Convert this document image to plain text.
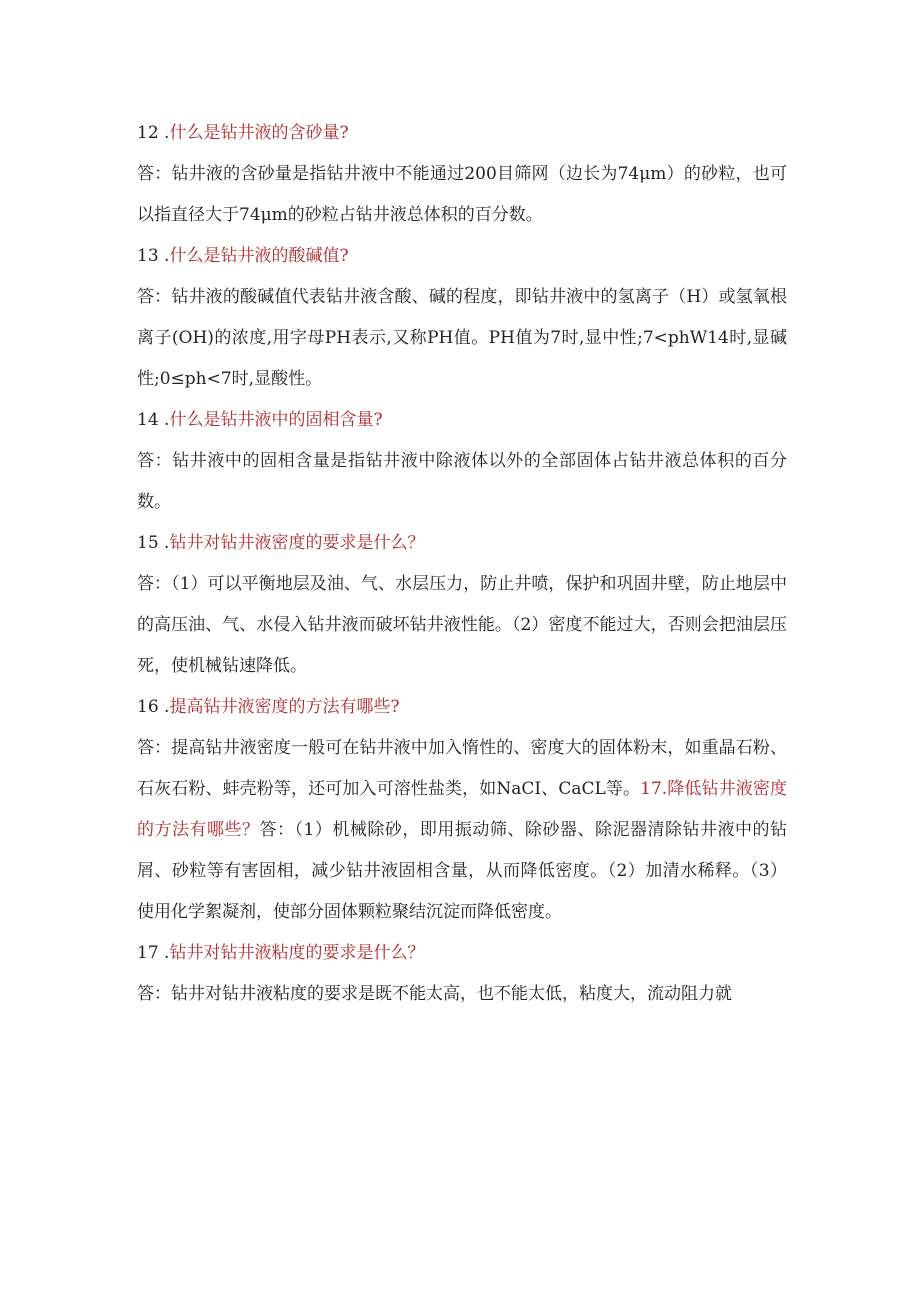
12 .什么是钻井液的含砂量?

答：钻井液的含砂量是指钻井液中不能通过200目筛网（边长为74μm）的砂粒，也可以指直径大于74μm的砂粒占钻井液总体积的百分数。

13 .什么是钻井液的酸碱值?

答：钻井液的酸碱值代表钻井液含酸、碱的程度，即钻井液中的氢离子（H）或氢氧根离子(OH)的浓度,用字母PH表示,又称PH值。PH值为7时,显中性;7<phW14时,显碱性;0≤ph<7时,显酸性。

14 .什么是钻井液中的固相含量?

答：钻井液中的固相含量是指钻井液中除液体以外的全部固体占钻井液总体积的百分数。

15 .钻井对钻井液密度的要求是什么？

答：（1）可以平衡地层及油、气、水层压力，防止井喷，保护和巩固井壁，防止地层中的高压油、气、水侵入钻井液而破坏钻井液性能。（2）密度不能过大，否则会把油层压死，使机械钻速降低。

16 .提高钻井液密度的方法有哪些?

答：提高钻井液密度一般可在钻井液中加入惰性的、密度大的固体粉末，如重晶石粉、石灰石粉、蚌壳粉等，还可加入可溶性盐类，如NaCI、CaCL等。17.降低钻井液密度的方法有哪些？答：（1）机械除砂，即用振动筛、除砂器、除泥器清除钻井液中的钻屑、砂粒等有害固相，减少钻井液固相含量，从而降低密度。（2）加清水稀释。（3）使用化学絮凝剂，使部分固体颗粒聚结沉淀而降低密度。

17 .钻井对钻井液粘度的要求是什么？

答：钻井对钻井液粘度的要求是既不能太高，也不能太低，粘度大，流动阻力就
